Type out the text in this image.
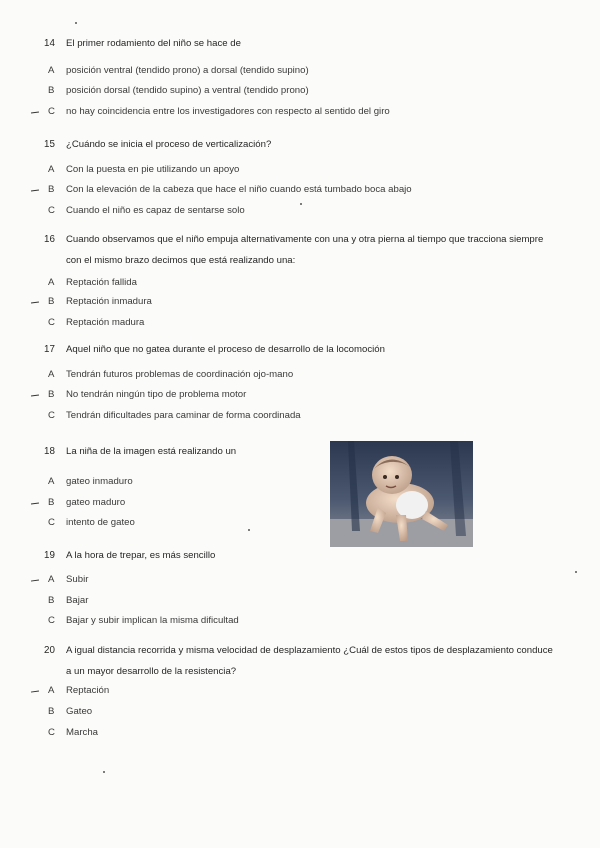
14 El primer rodamiento del niño se hace de
A posición ventral (tendido prono) a dorsal (tendido supino)
B posición dorsal (tendido supino) a ventral (tendido prono)
C no hay coincidencia entre los investigadores con respecto al sentido del giro
15 ¿Cuándo se inicia el proceso de verticalización?
A Con la puesta en pie utilizando un apoyo
B Con la elevación de la cabeza que hace el niño cuando está tumbado boca abajo
C Cuando el niño es capaz de sentarse solo
16 Cuando observamos que el niño empuja alternativamente con una y otra pierna al tiempo que tracciona siempre
con el mismo brazo decimos que está realizando una:
A Reptación fallida
B Reptación inmadura
C Reptación madura
17 Aquel niño que no gatea durante el proceso de desarrollo de la locomoción
A Tendrán futuros problemas de coordinación ojo-mano
B No tendrán ningún tipo de problema motor
C Tendrán dificultades para caminar de forma coordinada
18 La niña de la imagen está realizando un
A gateo inmaduro
B gateo maduro
C intento de gateo
19 A la hora de trepar, es más sencillo
A Subir
B Bajar
C Bajar y subir implican la misma dificultad
20 A igual distancia recorrida y misma velocidad de desplazamiento ¿Cuál de estos tipos de desplazamiento conduce
a un mayor desarrollo de la resistencia?
A Reptación
B Gateo
C Marcha
